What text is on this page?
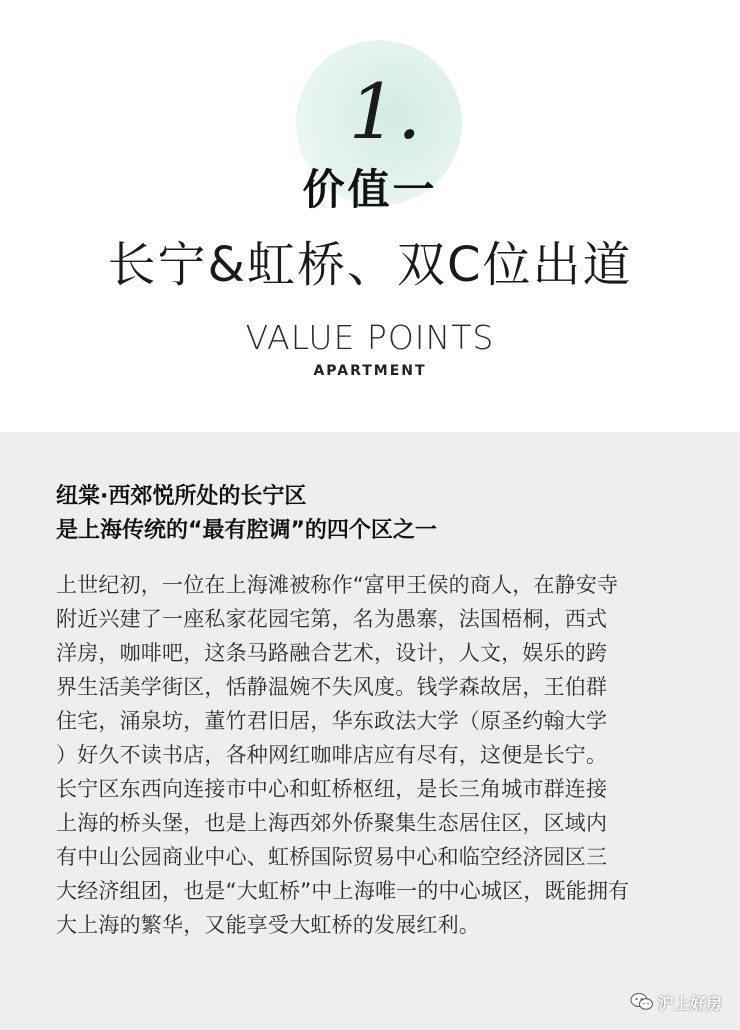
1.
价值一
长宁&虹桥、双C位出道
VALUE POINTS
APARTMENT
纽棠·西郊悦所处的长宁区
是上海传统的“最有腔调”的四个区之一
上世纪初，一位在上海滩被称作“富甲王侯的商人，在静安寺
附近兴建了一座私家花园宅第，名为愚寨，法国梧桐，西式
洋房，咖啡吧，这条马路融合艺术，设计，人文，娱乐的跨
界生活美学街区，恬静温婉不失风度。钱学森故居，王伯群
住宅，涌泉坊，董竹君旧居，华东政法大学（原圣约翰大学
）好久不读书店，各种网红咖啡店应有尽有，这便是长宁。
长宁区东西向连接市中心和虹桥枢纽，是长三角城市群连接
上海的桥头堡，也是上海西郊外侨聚集生态居住区，区域内
有中山公园商业中心、虹桥国际贸易中心和临空经济园区三
大经济组团，也是“大虹桥”中上海唯一的中心城区，既能拥有
大上海的繁华，又能享受大虹桥的发展红利。
沪上好房
